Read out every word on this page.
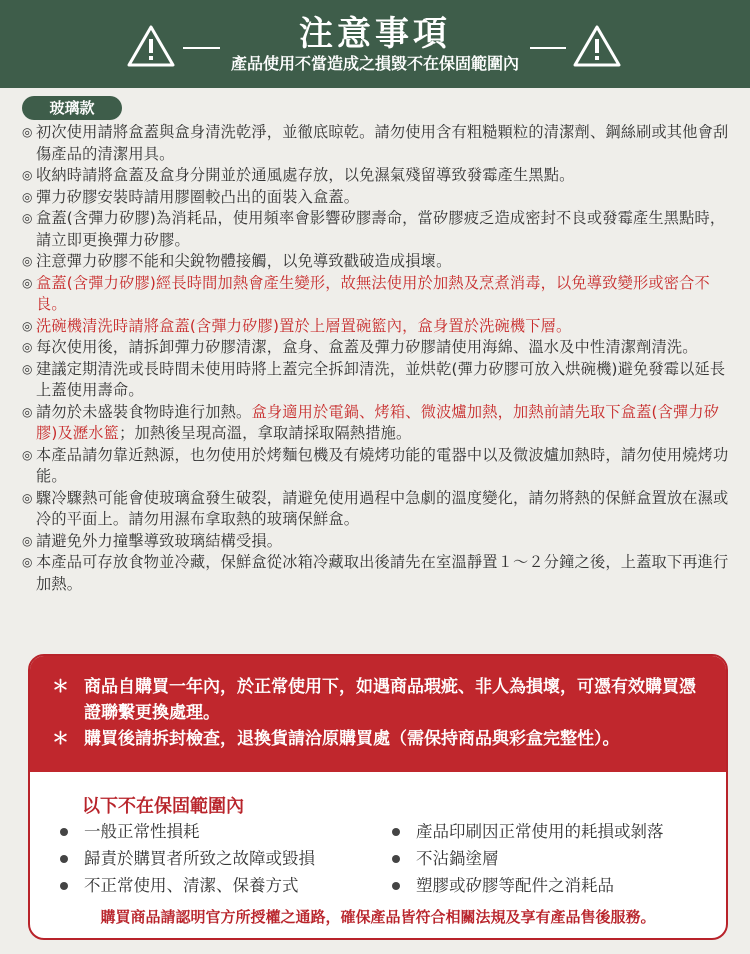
注意事項
產品使用不當造成之損毀不在保固範圍內
玻璃款
◎ 初次使用請將盒蓋與盒身清洗乾淨，並徹底晾乾。請勿使用含有粗糙顆粒的清潔劑、鋼絲刷或其他會刮傷產品的清潔用具。
◎ 收納時請將盒蓋及盒身分開並於通風處存放，以免濕氣殘留導致發霉產生黑點。
◎ 彈力矽膠安裝時請用膠圈較凸出的面裝入盒蓋。
◎ 盒蓋(含彈力矽膠)為消耗品，使用頻率會影響矽膠壽命，當矽膠疲乏造成密封不良或發霉產生黑點時，請立即更換彈力矽膠。
◎ 注意彈力矽膠不能和尖銳物體接觸，以免導致戳破造成損壞。
◎ 盒蓋(含彈力矽膠)經長時間加熱會產生變形，故無法使用於加熱及烹煮消毒，以免導致變形或密合不良。
◎ 洗碗機清洗時請將盒蓋(含彈力矽膠)置於上層置碗籃內，盒身置於洗碗機下層。
◎ 每次使用後，請拆卸彈力矽膠清潔，盒身、盒蓋及彈力矽膠請使用海綿、溫水及中性清潔劑清洗。
◎ 建議定期清洗或長時間未使用時將上蓋完全拆卸清洗，並烘乾(彈力矽膠可放入烘碗機)避免發霉以延長上蓋使用壽命。
◎ 請勿於未盛裝食物時進行加熱。盒身適用於電鍋、烤箱、微波爐加熱，加熱前請先取下盒蓋(含彈力矽膠)及瀝水籃；加熱後呈現高溫，拿取請採取隔熱措施。
◎ 本產品請勿靠近熱源，也勿使用於烤麵包機及有燒烤功能的電器中以及微波爐加熱時，請勿使用燒烤功能。
◎ 驟冷驟熱可能會使玻璃盒發生破裂，請避免使用過程中急劇的溫度變化，請勿將熱的保鮮盒置放在濕或冷的平面上。請勿用濕布拿取熱的玻璃保鮮盒。
◎ 請避免外力撞擊導致玻璃結構受損。
◎ 本產品可存放食物並冷藏，保鮮盒從冰箱冷藏取出後請先在室溫靜置１～２分鐘之後，上蓋取下再進行加熱。
＊ 商品自購買一年內，於正常使用下，如遇商品瑕疵、非人為損壞，可憑有效購買憑證聯繫更換處理。
＊ 購買後請拆封檢查，退換貨請洽原購買處（需保持商品與彩盒完整性）。
以下不在保固範圍內
一般正常性損耗
歸責於購買者所致之故障或毀損
不正常使用、清潔、保養方式
產品印刷因正常使用的耗損或剝落
不沾鍋塗層
塑膠或矽膠等配件之消耗品
購買商品請認明官方所授權之通路，確保產品皆符合相關法規及享有產品售後服務。
